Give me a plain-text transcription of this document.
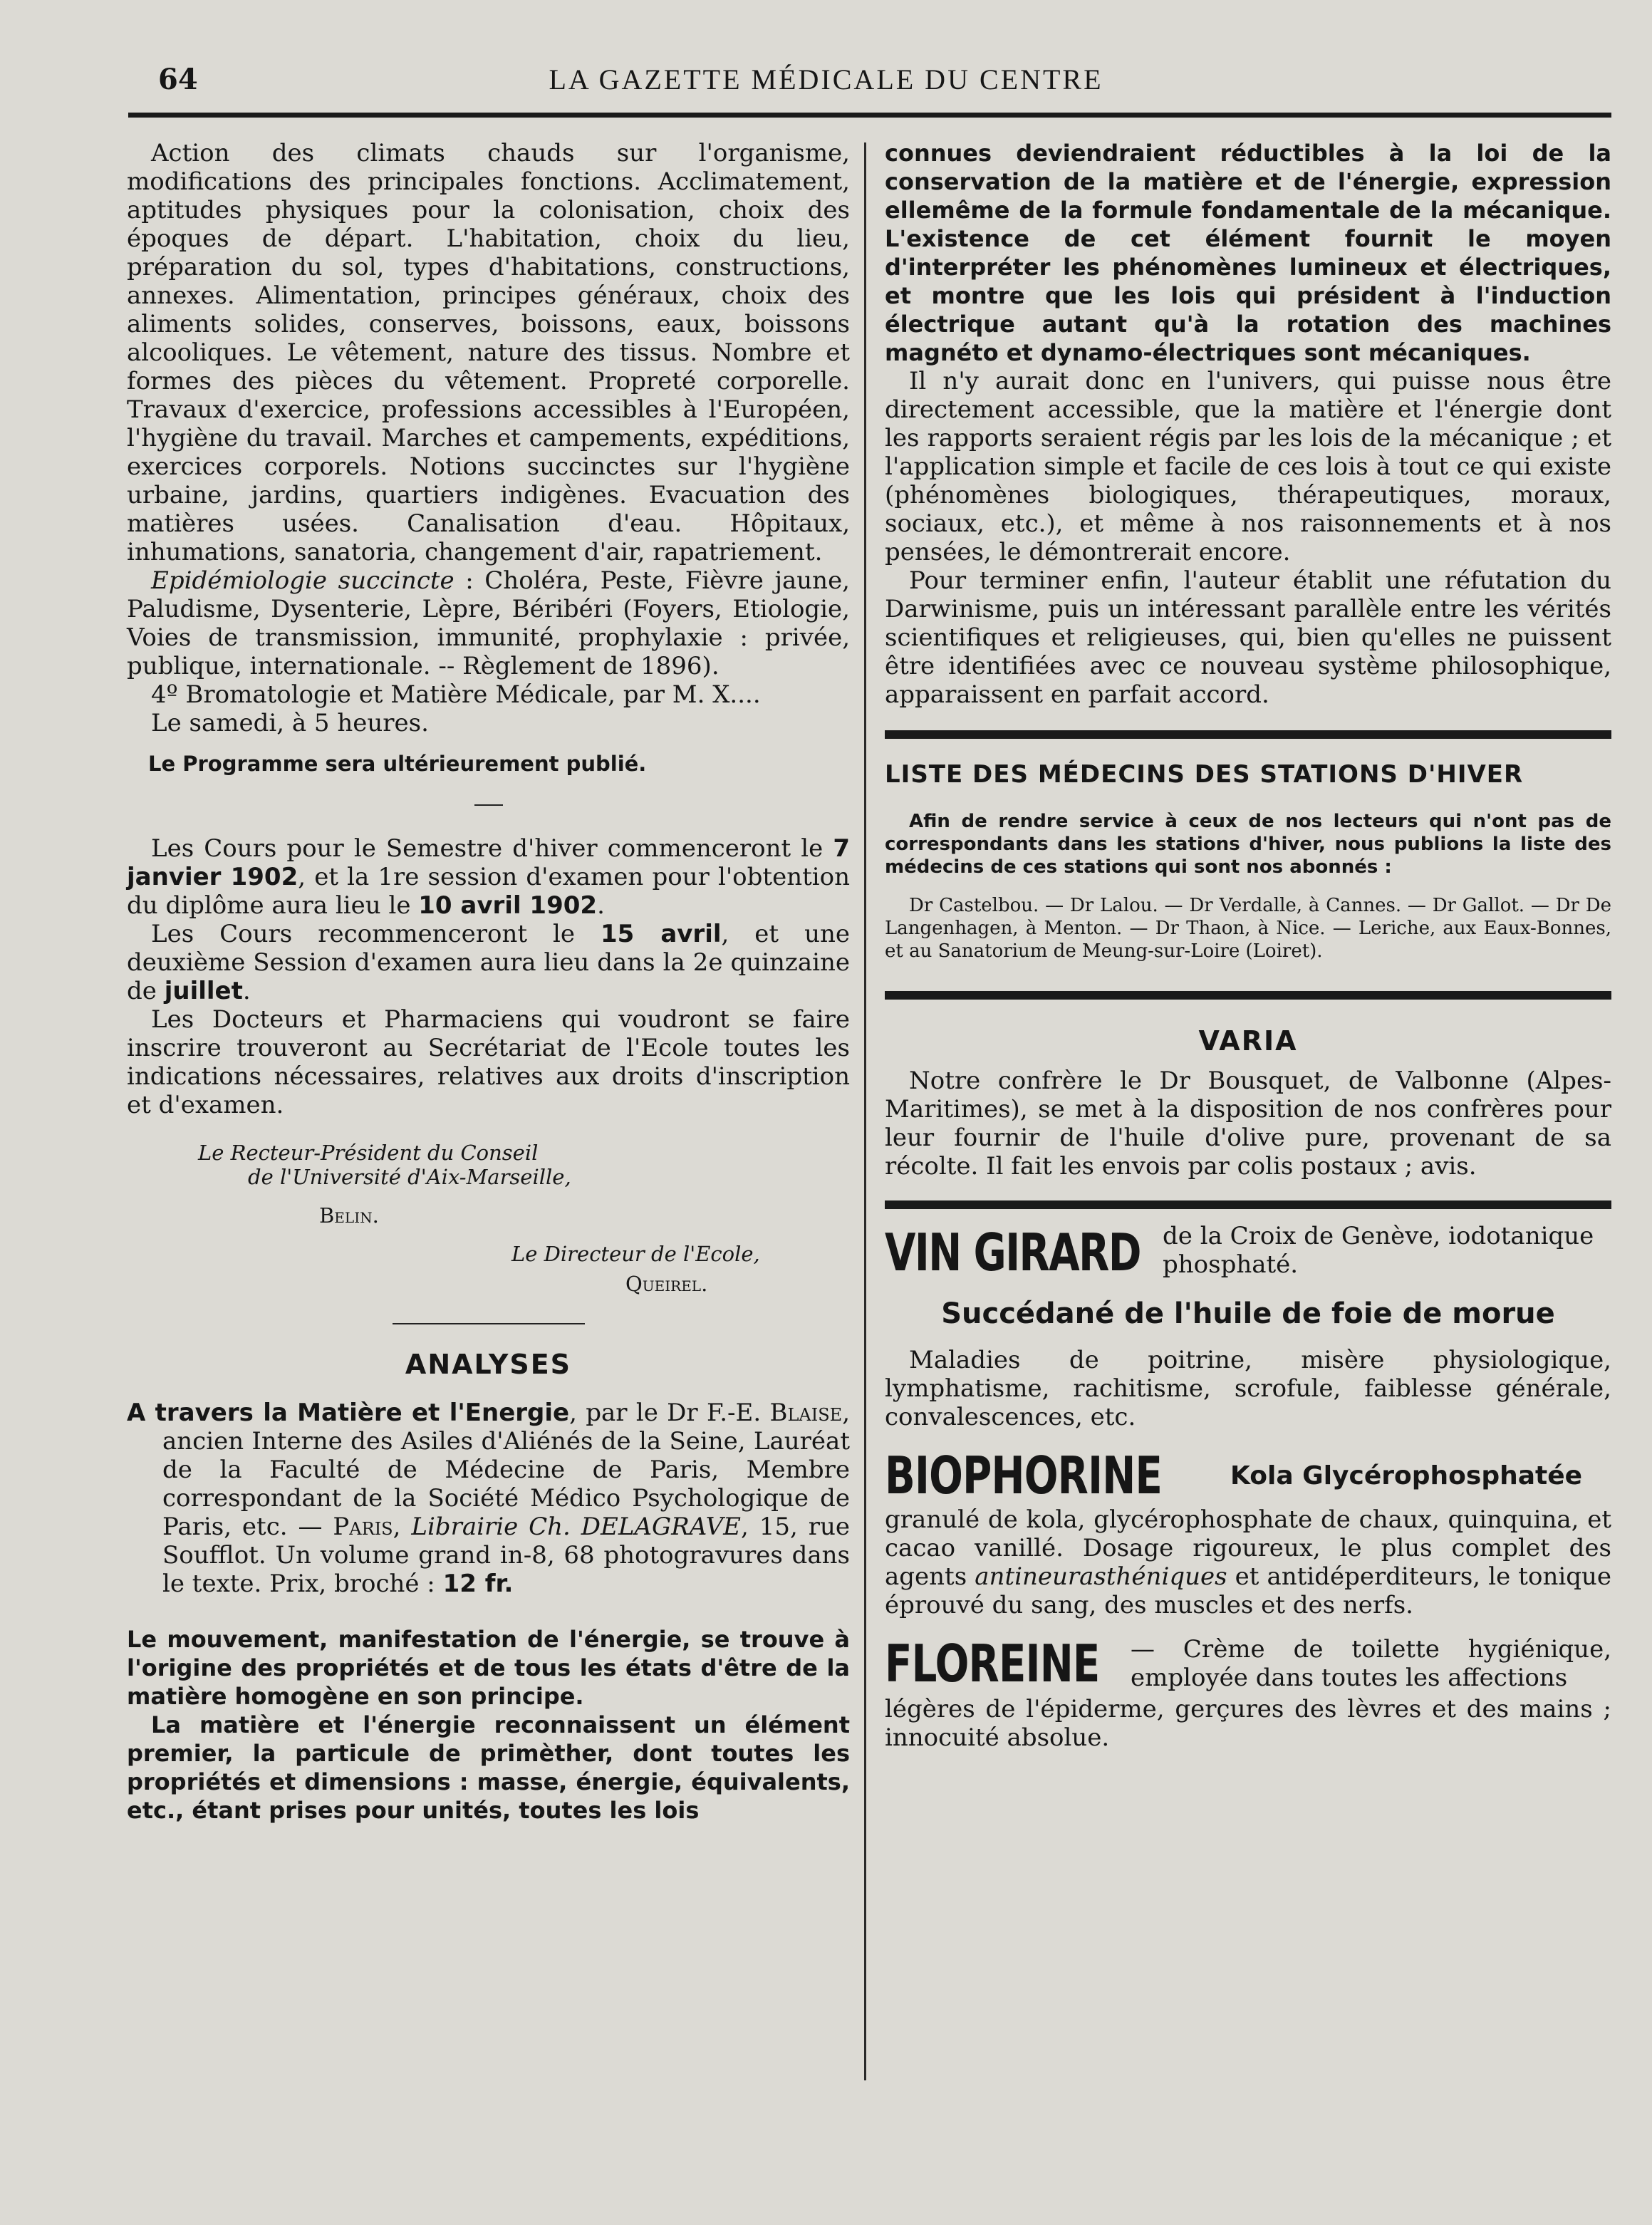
64	LA GAZETTE MÉDICALE DU CENTRE

Action des climats chauds sur l'organisme, modifications des principales fonctions. Acclimatement, aptitudes physiques pour la colonisation, choix des époques de départ. L'habitation, choix du lieu, préparation du sol, types d'habitations, constructions, annexes. Alimentation, principes généraux, choix des aliments solides, conserves, boissons, eaux, boissons alcooliques. Le vêtement, nature des tissus. Nombre et formes des pièces du vêtement. Propreté corporelle. Travaux d'exercice, professions accessibles à l'Européen, l'hygiène du travail. Marches et campements, expéditions, exercices corporels. Notions succinctes sur l'hygiène urbaine, jardins, quartiers indigènes. Evacuation des matières usées. Canalisation d'eau. Hôpitaux, inhumations, sanatoria, changement d'air, rapatriement.

Epidémiologie succincte : Choléra, Peste, Fièvre jaune, Paludisme, Dysenterie, Lèpre, Béribéri (Foyers, Etiologie, Voies de transmission, immunité, prophylaxie : privée, publique, internationale. -- Règlement de 1896).

4º Bromatologie et Matière Médicale, par M. X....

Le samedi, à 5 heures.

Le Programme sera ultérieurement publié.

Les Cours pour le Semestre d'hiver commenceront le 7 janvier 1902, et la 1re session d'examen pour l'obtention du diplôme aura lieu le 10 avril 1902.

Les Cours recommenceront le 15 avril, et une deuxième Session d'examen aura lieu dans la 2e quinzaine de juillet.

Les Docteurs et Pharmaciens qui voudront se faire inscrire trouveront au Secrétariat de l'Ecole toutes les indications nécessaires, relatives aux droits d'inscription et d'examen.

Le Recteur-Président du Conseil

de l'Université d'Aix-Marseille,

Belin.

Le Directeur de l'Ecole,

Queirel.

ANALYSES

A travers la Matière et l'Energie, par le Dr F.-E. Blaise, ancien Interne des Asiles d'Aliénés de la Seine, Lauréat de la Faculté de Médecine de Paris, Membre correspondant de la Société Médico Psychologique de Paris, etc. — Paris, Librairie Ch. DELAGRAVE, 15, rue Soufflot. Un volume grand in-8, 68 photogravures dans le texte. Prix, broché : 12 fr.

Le mouvement, manifestation de l'énergie, se trouve à l'origine des propriétés et de tous les états d'être de la matière homogène en son principe.

La matière et l'énergie reconnaissent un élément premier, la particule de primèther, dont toutes les propriétés et dimensions : masse, énergie, équivalents, etc., étant prises pour unités, toutes les lois

connues deviendraient réductibles à la loi de la conservation de la matière et de l'énergie, expression ellemême de la formule fondamentale de la mécanique. L'existence de cet élément fournit le moyen d'interpréter les phénomènes lumineux et électriques, et montre que les lois qui président à l'induction électrique autant qu'à la rotation des machines magnéto et dynamo-électriques sont mécaniques.

Il n'y aurait donc en l'univers, qui puisse nous être directement accessible, que la matière et l'énergie dont les rapports seraient régis par les lois de la mécanique ; et l'application simple et facile de ces lois à tout ce qui existe (phénomènes biologiques, thérapeutiques, moraux, sociaux, etc.), et même à nos raisonnements et à nos pensées, le démontrerait encore.

Pour terminer enfin, l'auteur établit une réfutation du Darwinisme, puis un intéressant parallèle entre les vérités scientifiques et religieuses, qui, bien qu'elles ne puissent être identifiées avec ce nouveau système philosophique, apparaissent en parfait accord.

LISTE DES MÉDECINS DES STATIONS D'HIVER

Afin de rendre service à ceux de nos lecteurs qui n'ont pas de correspondants dans les stations d'hiver, nous publions la liste des médecins de ces stations qui sont nos abonnés :

Dr Castelbou. — Dr Lalou. — Dr Verdalle, à Cannes. — Dr Gallot. — Dr De Langenhagen, à Menton. — Dr Thaon, à Nice. — Leriche, aux Eaux-Bonnes, et au Sanatorium de Meung-sur-Loire (Loiret).

VARIA

Notre confrère le Dr Bousquet, de Valbonne (Alpes-Maritimes), se met à la disposition de nos confrères pour leur fournir de l'huile d'olive pure, provenant de sa récolte. Il fait les envois par colis postaux ; avis.

VIN GIRARD de la Croix de Genève, iodotanique phosphaté.

Succédané de l'huile de foie de morue

Maladies de poitrine, misère physiologique, lymphatisme, rachitisme, scrofule, faiblesse générale, convalescences, etc.

BIOPHORINE	Kola Glycérophosphatée

granulé de kola, glycérophosphate de chaux, quinquina, et cacao vanillé. Dosage rigoureux, le plus complet des agents antineurasthéniques et antidéperditeurs, le tonique éprouvé du sang, des muscles et des nerfs.

FLOREINE — Crème de toilette hygiénique, employée dans toutes les affections

légères de l'épiderme, gerçures des lèvres et des mains ; innocuité absolue.
